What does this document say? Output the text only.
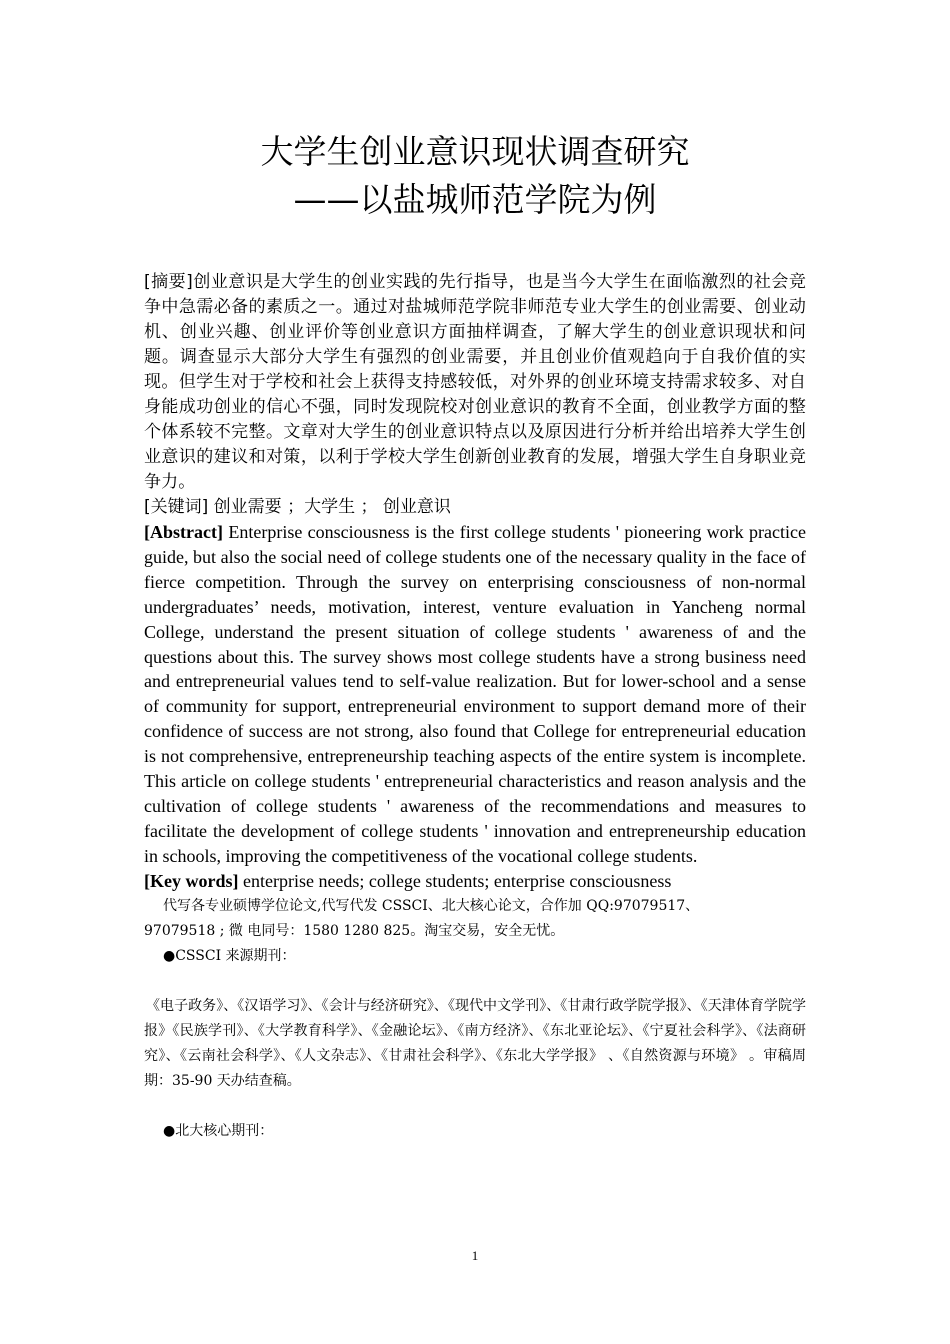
大学生创业意识现状调查研究
——以盐城师范学院为例

[摘要]创业意识是大学生的创业实践的先行指导，也是当今大学生在面临激烈的社会竞争中急需必备的素质之一。通过对盐城师范学院非师范专业大学生的创业需要、创业动机、创业兴趣、创业评价等创业意识方面抽样调查，了解大学生的创业意识现状和问题。调查显示大部分大学生有强烈的创业需要，并且创业价值观趋向于自我价值的实现。但学生对于学校和社会上获得支持感较低，对外界的创业环境支持需求较多、对自身能成功创业的信心不强，同时发现院校对创业意识的教育不全面，创业教学方面的整个体系较不完整。文章对大学生的创业意识特点以及原因进行分析并给出培养大学生创业意识的建议和对策，以利于学校大学生创新创业教育的发展，增强大学生自身职业竞争力。

[关键词] 创业需要 ；大学生 ； 创业意识

[Abstract] Enterprise consciousness is the first college students ' pioneering work practice guide, but also the social need of college students one of the necessary quality in the face of fierce competition. Through the survey on enterprising consciousness of non-normal undergraduates’ needs, motivation, interest, venture evaluation in Yancheng normal College, understand the present situation of college students ' awareness of and the questions about this. The survey shows most college students have a strong business need and entrepreneurial values tend to self-value realization. But for lower-school and a sense of community for support, entrepreneurial environment to support demand more of their confidence of success are not strong, also found that College for entrepreneurial education is not comprehensive, entrepreneurship teaching aspects of the entire system is incomplete. This article on college students ' entrepreneurial characteristics and reason analysis and the cultivation of college students ' awareness of the recommendations and measures to facilitate the development of college students ' innovation and entrepreneurship education in schools, improving the competitiveness of the vocational college students.

[Key words] enterprise needs; college students; enterprise consciousness

代写各专业硕博学位论文,代写代发 CSSCI、北大核心论文，合作加 QQ:97079517、

97079518 ; 微 电同号：1580 1280 825。淘宝交易，安全无忧。

●CSSCI 来源期刊：

《电子政务》、《汉语学习》、《会计与经济研究》、《现代中文学刊》、《甘肃行政学院学报》、《天津体育学院学报》《民族学刊》、《大学教育科学》、《金融论坛》、《南方经济》、《东北亚论坛》、《宁夏社会科学》、《法商研究》、《云南社会科学》、《人文杂志》、《甘肃社会科学》、《东北大学学报》 、《自然资源与环境》 。审稿周期：35-90 天办结查稿。

●北大核心期刊：

1
